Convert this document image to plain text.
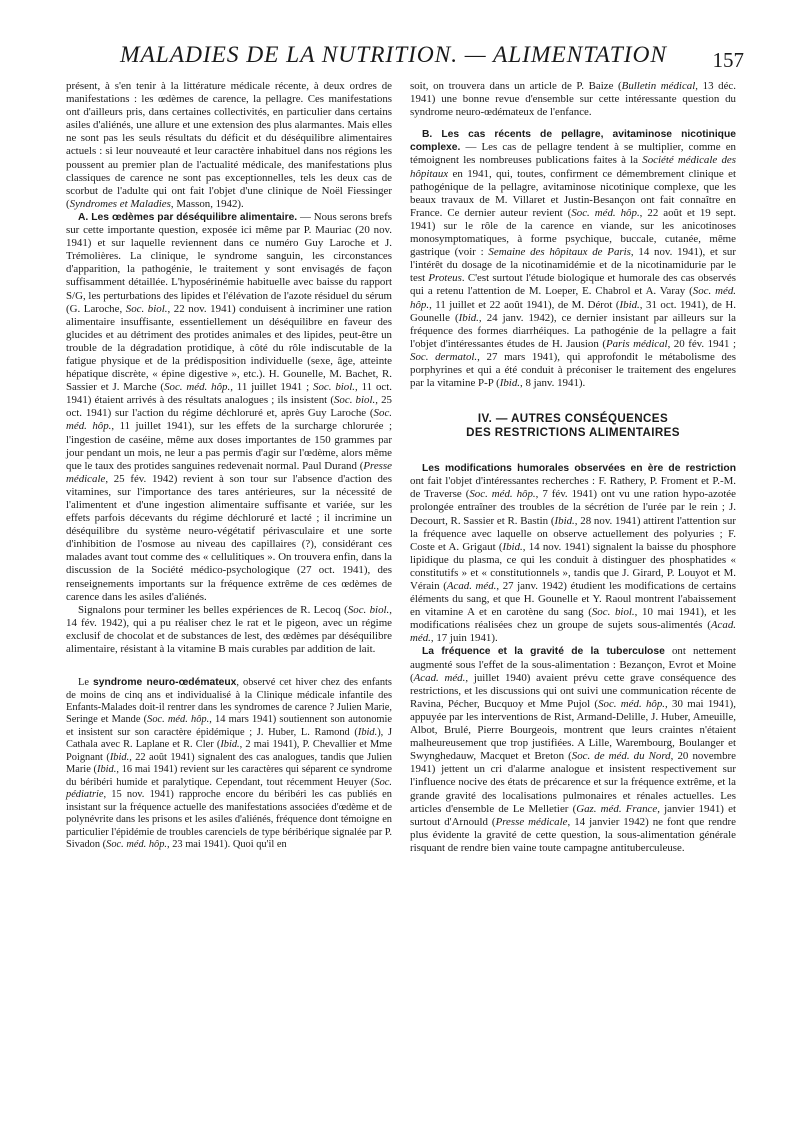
MALADIES DE LA NUTRITION. — ALIMENTATION 157

présent, à s'en tenir à la littérature médicale récente, à deux ordres de manifestations : les œdèmes de carence, la pellagre. Ces manifestations ont d'ailleurs pris, dans certaines collectivités, en particulier dans certains asiles d'aliénés, une allure et une extension des plus alarmantes. Mais elles ne sont pas les seuls résultats du déficit et du déséquilibre alimentaires actuels : si leur nouveauté et leur caractère inhabituel dans nos régions les poussent au premier plan de l'actualité médicale, des manifestations plus classiques de carence ne sont pas exceptionnelles, tels les deux cas de scorbut de l'adulte qui ont fait l'objet d'une clinique de Noël Fiessinger (Syndromes et Maladies, Masson, 1942).

A. Les œdèmes par déséquilibre alimentaire. — Nous serons brefs sur cette importante question, exposée ici même par P. Mauriac (20 nov. 1941) et sur laquelle reviennent dans ce numéro Guy Laroche et J. Trémolières. La clinique, le syndrome sanguin, les circonstances d'apparition, la pathogénie, le traitement y sont envisagés de façon suffisamment détaillée. L'hyposérinémie habituelle avec baisse du rapport S/G, les perturbations des lipides et l'élévation de l'azote résiduel du sérum (G. Laroche, Soc. biol., 22 nov. 1941) conduisent à incriminer une ration alimentaire insuffisante, essentiellement un déséquilibre en faveur des glucides et au détriment des protides animales et des lipides, peut-être un trouble de la dégradation protidique, à côté du rôle indiscutable de la fatigue physique et de la prédisposition individuelle (sexe, âge, atteinte hépatique discrète, « épine digestive », etc.). H. Gounelle, M. Bachet, R. Sassier et J. Marche (Soc. méd. hôp., 11 juillet 1941 ; Soc. biol., 11 oct. 1941) étaient arrivés à des résultats analogues ; ils insistent (Soc. biol., 25 oct. 1941) sur l'action du régime déchloruré et, après Guy Laroche (Soc. méd. hôp., 11 juillet 1941), sur les effets de la surcharge chlorurée ; l'ingestion de caséine, même aux doses importantes de 150 grammes par jour pendant un mois, ne leur a pas permis d'agir sur l'œdème, alors même que le taux des protides sanguines redevenait normal. Paul Durand (Presse médicale, 25 fév. 1942) revient à son tour sur l'absence d'action des vitamines, sur l'importance des tares antérieures, sur la nécessité de l'alimentent et d'une ingestion alimentaire suffisante et variée, sur les effets parfois décevants du régime déchloruré et lacté ; il incrimine un déséquilibre du système neuro-végétatif périvasculaire et une sorte d'inhibition de l'osmose au niveau des capillaires (?), considérant ces malades avant tout comme des « cellulitiques ». On trouvera enfin, dans la discussion de la Société médico-psychologique (27 oct. 1941), des renseignements importants sur la fréquence extrême de ces œdèmes de carence dans les asiles d'aliénés.

Signalons pour terminer les belles expériences de R. Lecoq (Soc. biol., 14 fév. 1942), qui a pu réaliser chez le rat et le pigeon, avec un régime exclusif de chocolat et de substances de lest, des œdèmes par déséquilibre alimentaire, résistant à la vitamine B mais curables par addition de lait.

Le syndrome neuro-œdémateux, observé cet hiver chez des enfants de moins de cinq ans et individualisé à la Clinique médicale infantile des Enfants-Malades doit-il rentrer dans les syndromes de carence ? Julien Marie, Seringe et Mande (Soc. méd. hôp., 14 mars 1941) soutiennent son autonomie et insistent sur son caractère épidémique ; J. Huber, L. Ramond (Ibid.), J Cathala avec R. Laplane et R. Cler (Ibid., 2 mai 1941), P. Chevallier et Mme Poignant (Ibid., 22 août 1941) signalent des cas analogues, tandis que Julien Marie (Ibid., 16 mai 1941) revient sur les caractères qui séparent ce syndrome du béribéri humide et paralytique. Cependant, tout récemment Heuyer (Soc. pédiatrie, 15 nov. 1941) rapproche encore du béribéri les cas publiés en insistant sur la fréquence actuelle des manifestations associées d'œdème et de polynévrite dans les prisons et les asiles d'aliénés, fréquence dont témoigne en particulier l'épidémie de troubles carenciels de type béribérique signalée par P. Sivadon (Soc. méd. hôp., 23 mai 1941). Quoi qu'il en

soit, on trouvera dans un article de P. Baize (Bulletin médical, 13 déc. 1941) une bonne revue d'ensemble sur cette intéressante question du syndrome neuro-œdémateux de l'enfance.

B. Les cas récents de pellagre, avitaminose nicotinique complexe. — Les cas de pellagre tendent à se multiplier, comme en témoignent les nombreuses publications faites à la Société médicale des hôpitaux en 1941, qui, toutes, confirment ce démembrement clinique et pathogénique de la pellagre, avitaminose nicotinique complexe, que les beaux travaux de M. Villaret et Justin-Besançon ont fait connaître en France. Ce dernier auteur revient (Soc. méd. hôp., 22 août et 19 sept. 1941) sur le rôle de la carence en viande, sur les anicotinoses monosymptomatiques, à forme psychique, buccale, cutanée, même gastrique (voir : Semaine des hôpitaux de Paris, 14 nov. 1941), et sur l'intérêt du dosage de la nicotinamidémie et de la nicotinamidurie par le test Proteus. C'est surtout l'étude biologique et humorale des cas observés qui a retenu l'attention de M. Loeper, E. Chabrol et A. Varay (Soc. méd. hôp., 11 juillet et 22 août 1941), de M. Dérot (Ibid., 31 oct. 1941), de H. Gounelle (Ibid., 24 janv. 1942), ce dernier insistant par ailleurs sur la fréquence des formes diarrhéiques. La pathogénie de la pellagre a fait l'objet d'intéressantes études de H. Jausion (Paris médical, 20 fév. 1941 ; Soc. dermatol., 27 mars 1941), qui approfondit le métabolisme des porphyrines et qui a été conduit à préconiser le traitement des engelures par la vitamine P-P (Ibid., 8 janv. 1941).

IV. — AUTRES CONSÉQUENCES
DES RESTRICTIONS ALIMENTAIRES

Les modifications humorales observées en ère de restriction ont fait l'objet d'intéressantes recherches : F. Rathery, P. Froment et P.-M. de Traverse (Soc. méd. hôp., 7 fév. 1941) ont vu une ration hypo-azotée prolongée entraîner des troubles de la sécrétion de l'urée par le rein ; J. Decourt, R. Sassier et R. Bastin (Ibid., 28 nov. 1941) attirent l'attention sur la fréquence avec laquelle on observe actuellement des polyuries ; F. Coste et A. Grigaut (Ibid., 14 nov. 1941) signalent la baisse du phosphore lipidique du plasma, ce qui les conduit à distinguer des phosphatides « constitutifs » et « constitutionnels », tandis que J. Girard, P. Louyot et M. Vérain (Acad. méd., 27 janv. 1942) étudient les modifications de certains éléments du sang, et que H. Gounelle et Y. Raoul montrent l'abaissement en vitamine A et en carotène du sang (Soc. biol., 10 mai 1941), et les modifications réalisées chez un groupe de sujets sous-alimentés (Acad. méd., 17 juin 1941).

La fréquence et la gravité de la tuberculose ont nettement augmenté sous l'effet de la sous-alimentation : Bezançon, Evrot et Moine (Acad. méd., juillet 1940) avaient prévu cette grave conséquence des restrictions, et les discussions qui ont suivi une communication récente de Ravina, Pécher, Bucquoy et Mme Pujol (Soc. méd. hôp., 30 mai 1941), appuyée par les interventions de Rist, Armand-Delille, J. Huber, Ameuille, Albot, Brulé, Pierre Bourgeois, montrent que leurs craintes n'étaient malheureusement que trop justifiées. A Lille, Warembourg, Boulanger et Swynghedauw, Macquet et Breton (Soc. de méd. du Nord, 20 novembre 1941) jettent un cri d'alarme analogue et insistent respectivement sur l'influence nocive des états de précarence et sur la fréquence extrême, et la grande gravité des localisations pulmonaires et rénales actuelles. Les articles d'ensemble de Le Melletier (Gaz. méd. France, janvier 1941) et surtout d'Arnould (Presse médicale, 14 janvier 1942) ne font que rendre plus évidente la gravité de cette question, la sous-alimentation générale risquant de rendre bien vaine toute campagne antituberculeuse.
